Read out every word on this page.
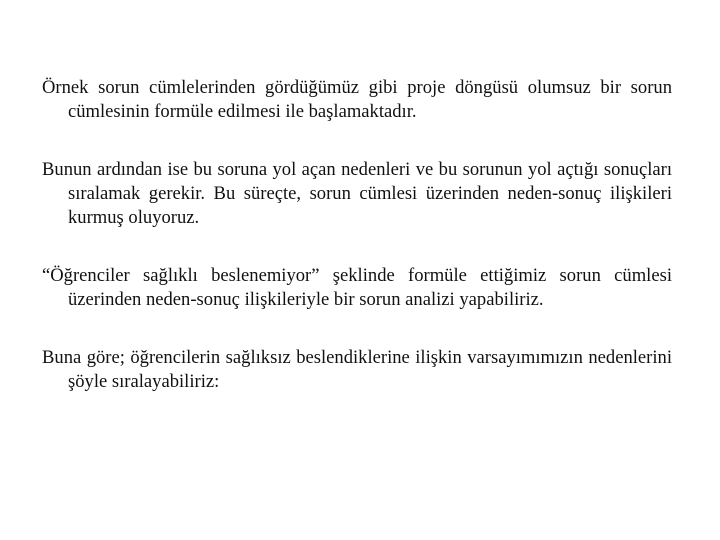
Örnek sorun cümlelerinden gördüğümüz gibi proje döngüsü olumsuz bir sorun cümlesinin formüle edilmesi ile başlamaktadır.

Bunun ardından ise bu soruna yol açan nedenleri ve bu sorunun yol açtığı sonuçları sıralamak gerekir. Bu süreçte, sorun cümlesi üzerinden neden-sonuç ilişkileri kurmuş oluyoruz.

“Öğrenciler sağlıklı beslenemiyor” şeklinde formüle ettiğimiz sorun cümlesi üzerinden neden-sonuç ilişkileriyle bir sorun analizi yapabiliriz.

Buna göre; öğrencilerin sağlıksız beslendiklerine ilişkin varsayımımızın nedenlerini şöyle sıralayabiliriz:
